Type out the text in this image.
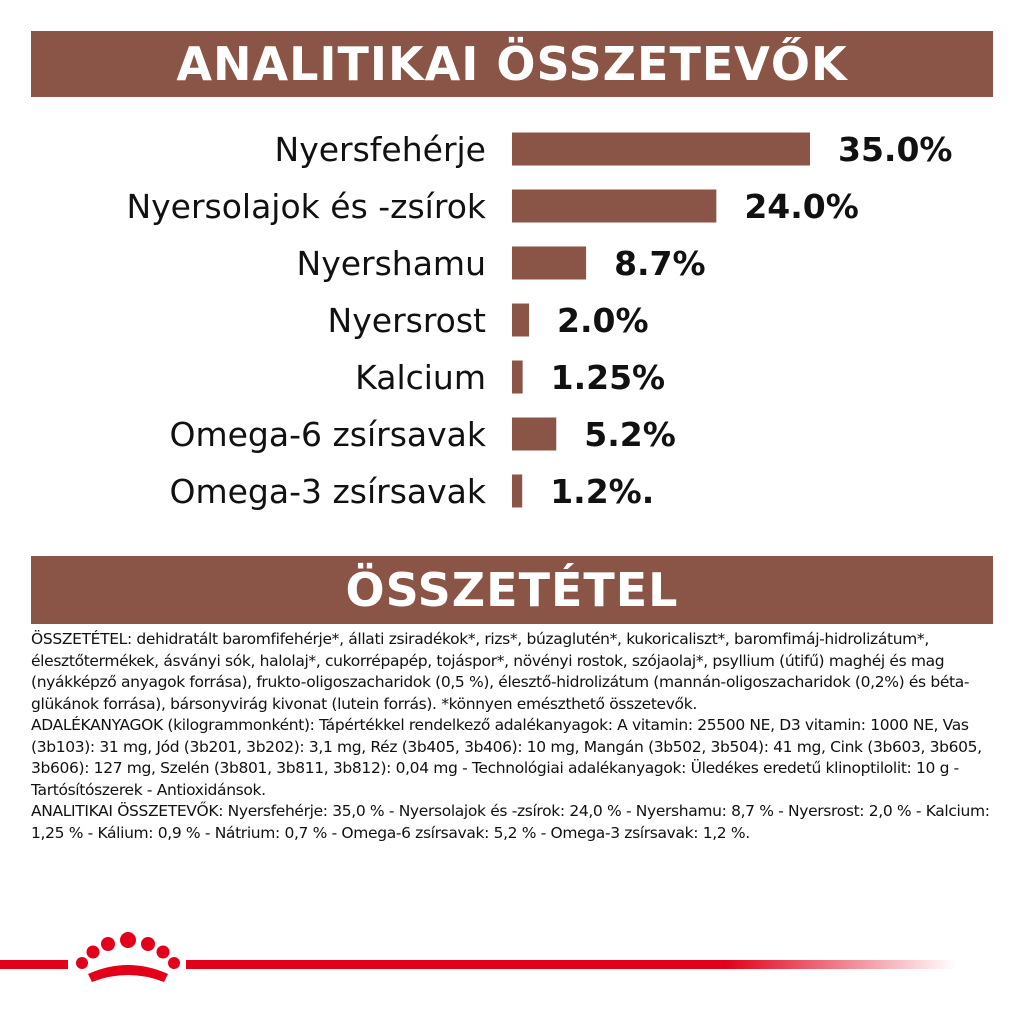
ANALITIKAI ÖSSZETEVŐK
Nyersfehérje	35.0%
Nyersolajok és -zsírok	24.0%
Nyershamu	8.7%
Nyersrost 2.0%
Kalcium 1.25%
Omega-6 zsírsavak	5.2%
Omega-3 zsírsavak 1.2%.
ÖSSZETÉTEL

ÖSSZETÉTEL: dehidratált baromfifehérje*, állati zsiradékok*, rizs*, búzaglutén*, kukoricaliszt*, baromfimáj-hidrolizátum*, élesztőtermékek, ásványi sók, halolaj*, cukorrépapép, tojáspor*, növényi rostok, szójaolaj*, psyllium (útifű) maghéj és mag (nyákképző anyagok forrása), frukto-oligoszacharidok (0,5 %), élesztő-hidrolizátum (mannán-oligoszacharidok (0,2%) és béta-glükánok forrása), bársonyvirág kivonat (lutein forrás). *könnyen emészthető összetevők.

ADALÉKANYAGOK (kilogrammonként): Tápértékkel rendelkező adalékanyagok: A vitamin: 25500 NE, D3 vitamin: 1000 NE, Vas (3b103): 31 mg, Jód (3b201, 3b202): 3,1 mg, Réz (3b405, 3b406): 10 mg, Mangán (3b502, 3b504): 41 mg, Cink (3b603, 3b605, 3b606): 127 mg, Szelén (3b801, 3b811, 3b812): 0,04 mg - Technológiai adalékanyagok: Üledékes eredetű klinoptilolit: 10 g - Tartósítószerek - Antioxidánsok.

ANALITIKAI ÖSSZETEVŐK: Nyersfehérje: 35,0 % - Nyersolajok és -zsírok: 24,0 % - Nyershamu: 8,7 % - Nyersrost: 2,0 % - Kalcium: 1,25 % - Kálium: 0,9 % - Nátrium: 0,7 % - Omega-6 zsírsavak: 5,2 % - Omega-3 zsírsavak: 1,2 %.
